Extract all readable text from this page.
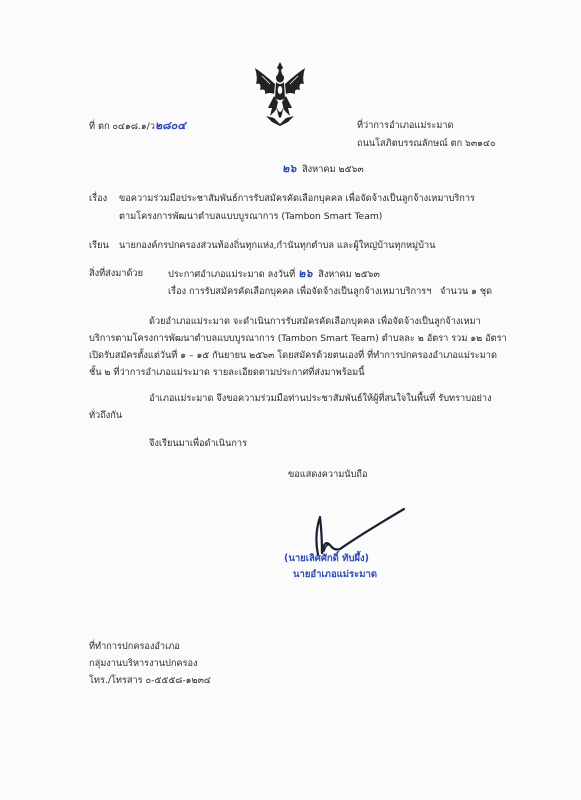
ที่ ตก ๐๔๑๘.๑/ว๒๘๐๔	ที่ว่าการอำเภอแม่ระมาด
ถนนโสภิตบรรณลักษณ์ ตก ๖๓๑๔๐
๒๖ สิงหาคม ๒๕๖๓
เรื่อง ขอความร่วมมือประชาสัมพันธ์การรับสมัครคัดเลือกบุคคล เพื่อจัดจ้างเป็นลูกจ้างเหมาบริการ
ตามโครงการพัฒนาตำบลแบบบูรณาการ (Tambon Smart Team)
เรียน นายกองค์กรปกครองส่วนท้องถิ่นทุกแห่ง,กำนันทุกตำบล และผู้ใหญ่บ้านทุกหมู่บ้าน
สิ่งที่ส่งมาด้วย	ประกาศอำเภอแม่ระมาด ลงวันที่ ๒๖ สิงหาคม ๒๕๖๓
เรื่อง การรับสมัครคัดเลือกบุคคล เพื่อจัดจ้างเป็นลูกจ้างเหมาบริการฯ จำนวน ๑ ชุด
ด้วยอำเภอแม่ระมาด จะดำเนินการรับสมัครคัดเลือกบุคคล เพื่อจัดจ้างเป็นลูกจ้างเหมา
บริการตามโครงการพัฒนาตำบลแบบบูรณาการ (Tambon Smart Team) ตำบลละ ๒ อัตรา รวม ๑๒ อัตรา
เปิดรับสมัครตั้งแต่วันที่ ๑ – ๑๕ กันยายน ๒๕๖๓ โดยสมัครด้วยตนเองที่ ที่ทำการปกครองอำเภอแม่ระมาด
ชั้น ๒ ที่ว่าการอำเภอแม่ระมาด รายละเอียดตามประกาศที่ส่งมาพร้อมนี้
อำเภอแม่ระมาด จึงขอความร่วมมือท่านประชาสัมพันธ์ให้ผู้ที่สนใจในพื้นที่ รับทราบอย่าง
ทั่วถึงกัน
จึงเรียนมาเพื่อดำเนินการ
ขอแสดงความนับถือ
(นายเลิศศักดิ์ ทับผึ้ง)
นายอำเภอแม่ระมาด
ที่ทำการปกครองอำเภอ
กลุ่มงานบริหารงานปกครอง
โทร./โทรสาร ๐-๕๕๕๘-๑๒๓๔
